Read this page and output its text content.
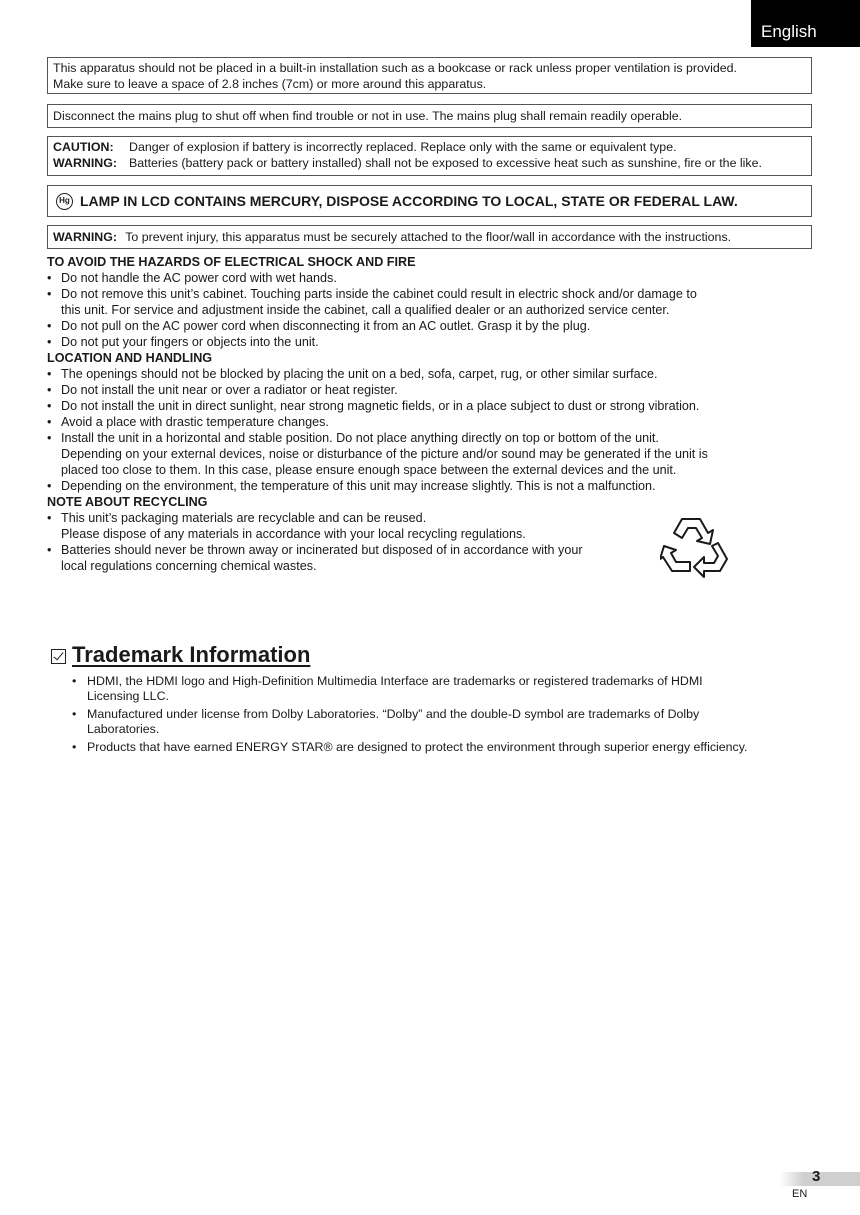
English

This apparatus should not be placed in a built-in installation such as a bookcase or rack unless proper ventilation is provided.

Make sure to leave a space of 2.8 inches (7cm) or more around this apparatus.

Disconnect the mains plug to shut off when find trouble or not in use. The mains plug shall remain readily operable.

CAUTION:	Danger of explosion if battery is incorrectly replaced. Replace only with the same or equivalent type.
WARNING: Batteries (battery pack or battery installed) shall not be exposed to excessive heat such as sunshine, fire or the like.
Hg LAMP IN LCD CONTAINS MERCURY, DISPOSE ACCORDING TO LOCAL, STATE OR FEDERAL LAW.
WARNING: To prevent injury, this apparatus must be securely attached to the floor/wall in accordance with the instructions.

TO AVOID THE HAZARDS OF ELECTRICAL SHOCK AND FIRE

• Do not handle the AC power cord with wet hands.
• Do not remove this unit’s cabinet. Touching parts inside the cabinet could result in electric shock and/or damage to
this unit. For service and adjustment inside the cabinet, call a qualified dealer or an authorized service center.
• Do not pull on the AC power cord when disconnecting it from an AC outlet. Grasp it by the plug.
• Do not put your fingers or objects into the unit.

LOCATION AND HANDLING

• The openings should not be blocked by placing the unit on a bed, sofa, carpet, rug, or other similar surface.
• Do not install the unit near or over a radiator or heat register.
• Do not install the unit in direct sunlight, near strong magnetic fields, or in a place subject to dust or strong vibration.
• Avoid a place with drastic temperature changes.
• Install the unit in a horizontal and stable position. Do not place anything directly on top or bottom of the unit.
Depending on your external devices, noise or disturbance of the picture and/or sound may be generated if the unit is
placed too close to them. In this case, please ensure enough space between the external devices and the unit.
• Depending on the environment, the temperature of this unit may increase slightly. This is not a malfunction.

NOTE ABOUT RECYCLING

• This unit’s packaging materials are recyclable and can be reused.
Please dispose of any materials in accordance with your local recycling regulations.
• Batteries should never be thrown away or incinerated but disposed of in accordance with your
local regulations concerning chemical wastes.
Trademark Information
• HDMI, the HDMI logo and High-Definition Multimedia Interface are trademarks or registered trademarks of HDMI
Licensing LLC.
• Manufactured under license from Dolby Laboratories. “Dolby” and the double-D symbol are trademarks of Dolby
Laboratories.
• Products that have earned ENERGY STAR® are designed to protect the environment through superior energy efficiency.
3
EN
